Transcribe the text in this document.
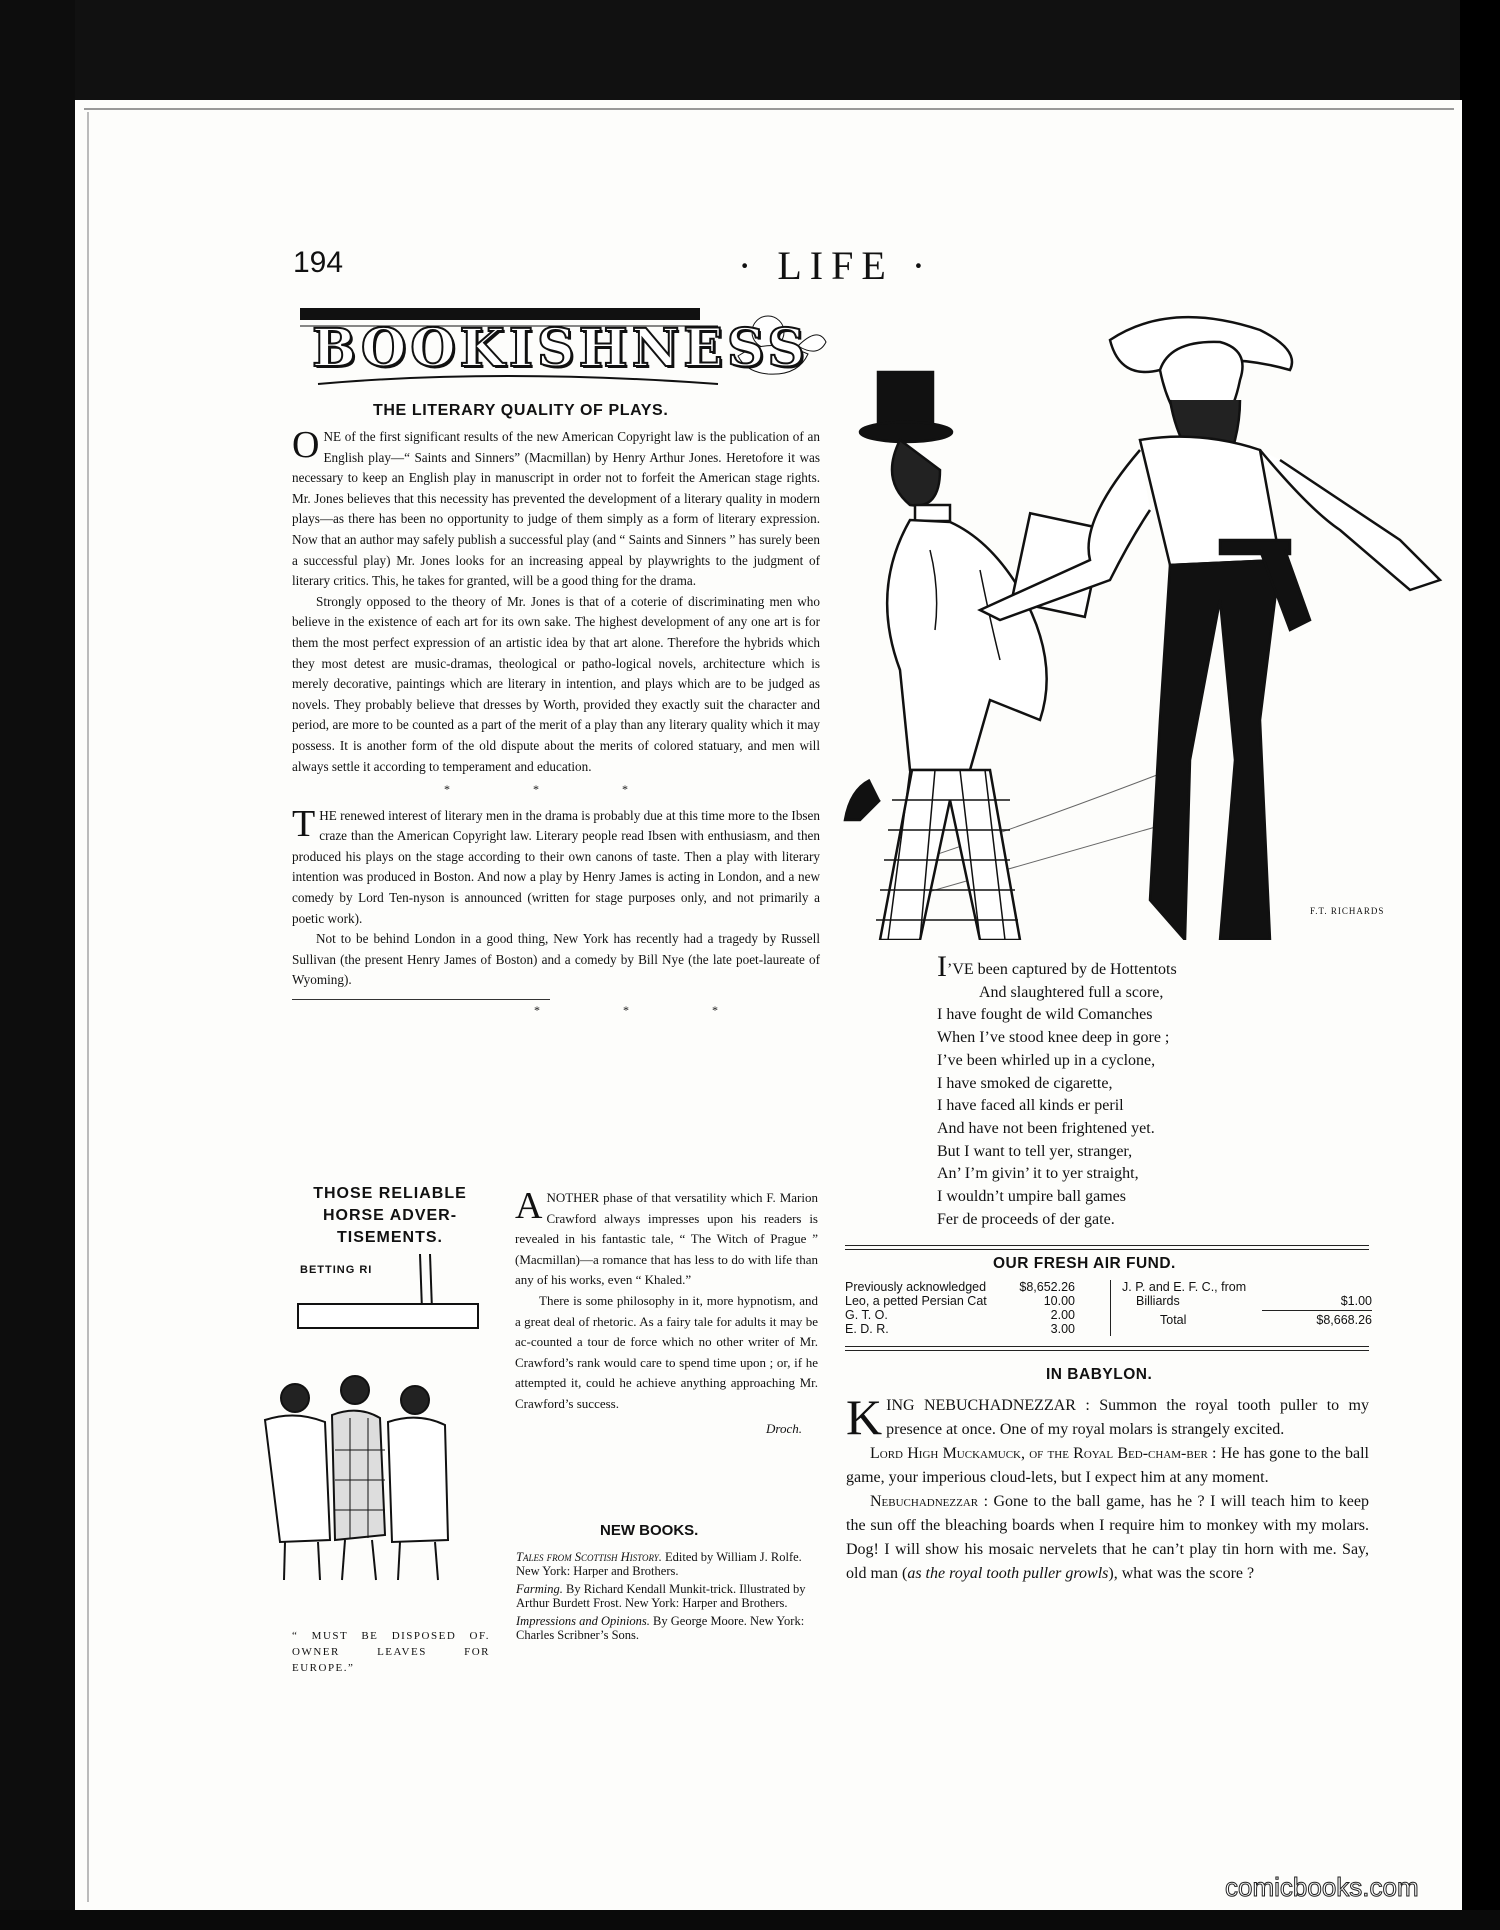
194	· LIFE ·
BOOKISHNESS
THE LITERARY QUALITY OF PLAYS.

ONE of the first significant results of the new American Copyright law is the publication of an English play—“ Saints and Sinners” (Macmillan) by Henry Arthur Jones. Heretofore it was necessary to keep an English play in manuscript in order not to forfeit the American stage rights. Mr. Jones believes that this necessity has prevented the development of a literary quality in modern plays—as there has been no opportunity to judge of them simply as a form of literary expression. Now that an author may safely publish a successful play (and “ Saints and Sinners ” has surely been a successful play) Mr. Jones looks for an increasing appeal by playwrights to the judgment of literary critics. This, he takes for granted, will be a good thing for the drama.

Strongly opposed to the theory of Mr. Jones is that of a coterie of discriminating men who believe in the existence of each art for its own sake. The highest development of any one art is for them the most perfect expression of an artistic idea by that art alone. Therefore the hybrids which they most detest are music-dramas, theological or patho-logical novels, architecture which is merely decorative, paintings which are literary in intention, and plays which are to be judged as novels. They probably believe that dresses by Worth, provided they exactly suit the character and period, are more to be counted as a part of the merit of a play than any literary quality which it may possess. It is another form of the old dispute about the merits of colored statuary, and men will always settle it according to temperament and education.

* * *

THE renewed interest of literary men in the drama is probably due at this time more to the Ibsen craze than the American Copyright law. Literary people read Ibsen with enthusiasm, and then produced his plays on the stage according to their own canons of taste. Then a play with literary intention was produced in Boston. And now a play by Henry James is acting in London, and a new comedy by Lord Ten-nyson is announced (written for stage purposes only, and not primarily a poetic work).

Not to be behind London in a good thing, New York has recently had a tragedy by Russell Sullivan (the present Henry James of Boston) and a comedy by Bill Nye (the late poet-laureate of Wyoming).

* * *
THOSE RELIABLE HORSE ADVER-TISEMENTS.
BETTING RI
“ MUST BE DISPOSED OF. OWNER LEAVES FOR EUROPE.”

ANOTHER phase of that versatility which F. Marion Crawford always impresses upon his readers is revealed in his fantastic tale, “ The Witch of Prague ” (Macmillan)—a romance that has less to do with life than any of his works, even “ Khaled.”

There is some philosophy in it, more hypnotism, and a great deal of rhetoric. As a fairy tale for adults it may be ac-counted a tour de force which no other writer of Mr. Crawford’s rank would care to spend time upon ; or, if he attempted it, could he achieve anything approaching Mr. Crawford’s success.

Droch.

NEW BOOKS.

Tales from Scottish History. Edited by William J. Rolfe. New York: Harper and Brothers.

Farming. By Richard Kendall Munkit-trick. Illustrated by Arthur Burdett Frost. New York: Harper and Brothers.

Impressions and Opinions. By George Moore. New York: Charles Scribner’s Sons.

F.T. RICHARDS
I’VE been captured by de Hottentots
And slaughtered full a score,
I have fought de wild Comanches
When I’ve stood knee deep in gore ;
I’ve been whirled up in a cyclone,
I have smoked de cigarette,
I have faced all kinds er peril
And have not been frightened yet.
But I want to tell yer, stranger,
An’ I’m givin’ it to yer straight,
I wouldn’t umpire ball games
Fer de proceeds of der gate.
OUR FRESH AIR FUND.
Previously acknowledged	$8,652.26
Leo, a petted Persian Cat	10.00
G. T. O.	2.00
E. D. R.	3.00
J. P. and E. F. C., from
Billiards	$1.00
Total	$8,668.26
IN BABYLON.

KING NEBUCHADNEZZAR : Summon the royal tooth puller to my presence at once. One of my royal molars is strangely excited.

Lord High Muckamuck, of the Royal Bed-cham-ber : He has gone to the ball game, your imperious cloud-lets, but I expect him at any moment.

Nebuchadnezzar : Gone to the ball game, has he ? I will teach him to keep the sun off the bleaching boards when I require him to monkey with my molars. Dog! I will show his mosaic nervelets that he can’t play tin horn with me. Say, old man (as the royal tooth puller growls), what was the score ?

comicbooks.com
